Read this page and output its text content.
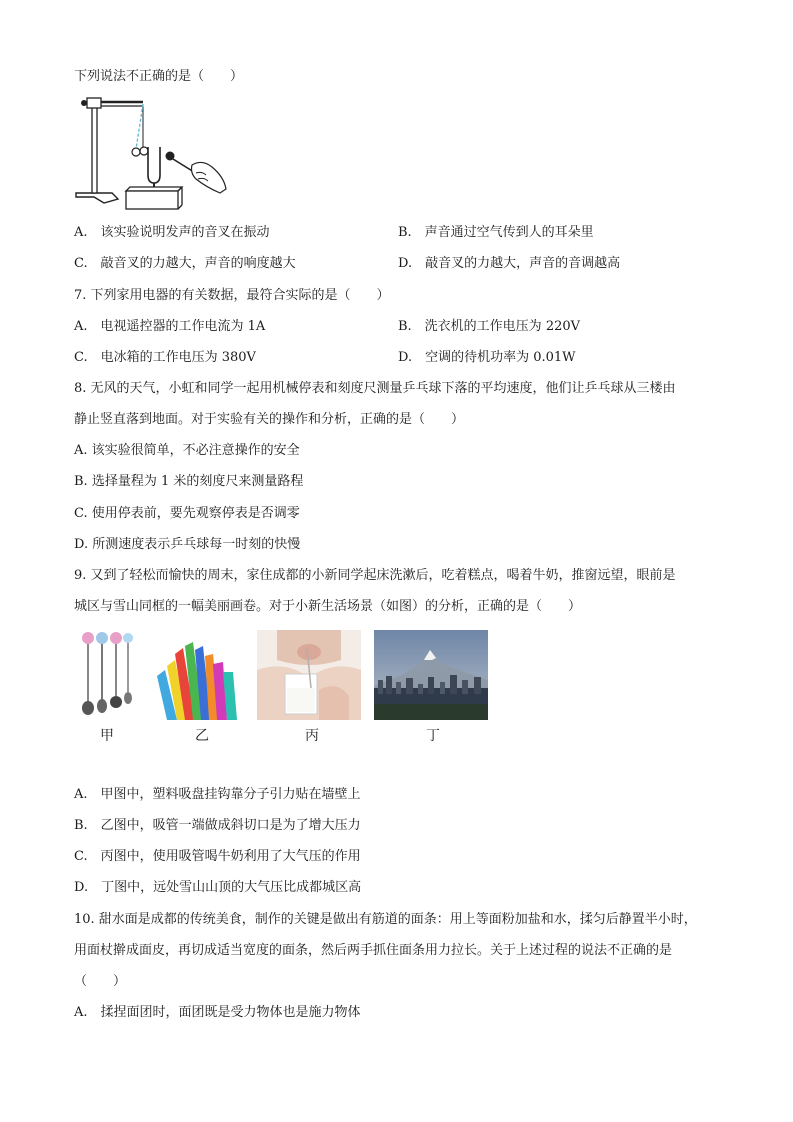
下列说法不正确的是（　　）
A.　该实验说明发声的音叉在振动	B.　声音通过空气传到人的耳朵里
C.　敲音叉的力越大，声音的响度越大	D.　敲音叉的力越大，声音的音调越高
7. 下列家用电器的有关数据，最符合实际的是（　　）
A.　电视遥控器的工作电流为 1A	B.　洗衣机的工作电压为 220V
C.　电冰箱的工作电压为 380V	D.　空调的待机功率为 0.01W
8. 无风的天气，小虹和同学一起用机械停表和刻度尺测量乒乓球下落的平均速度，他们让乒乓球从三楼由
静止竖直落到地面。对于实验有关的操作和分析，正确的是（　　）
A. 该实验很简单，不必注意操作的安全
B. 选择量程为 1 米的刻度尺来测量路程
C. 使用停表前，要先观察停表是否调零
D. 所测速度表示乒乓球每一时刻的快慢
9. 又到了轻松而愉快的周末，家住成都的小新同学起床洗漱后，吃着糕点，喝着牛奶，推窗远望，眼前是
城区与雪山同框的一幅美丽画卷。对于小新生活场景（如图）的分析，正确的是（　　）
甲	乙	丙	丁
A.　甲图中，塑料吸盘挂钩靠分子引力贴在墙壁上
B.　乙图中，吸管一端做成斜切口是为了增大压力
C.　丙图中，使用吸管喝牛奶利用了大气压的作用
D.　丁图中，远处雪山山顶的大气压比成都城区高
10. 甜水面是成都的传统美食，制作的关键是做出有筋道的面条：用上等面粉加盐和水，揉匀后静置半小时，
用面杖擀成面皮，再切成适当宽度的面条，然后两手抓住面条用力拉长。关于上述过程的说法不正确的是
（　　）
A.　揉捏面团时，面团既是受力物体也是施力物体
